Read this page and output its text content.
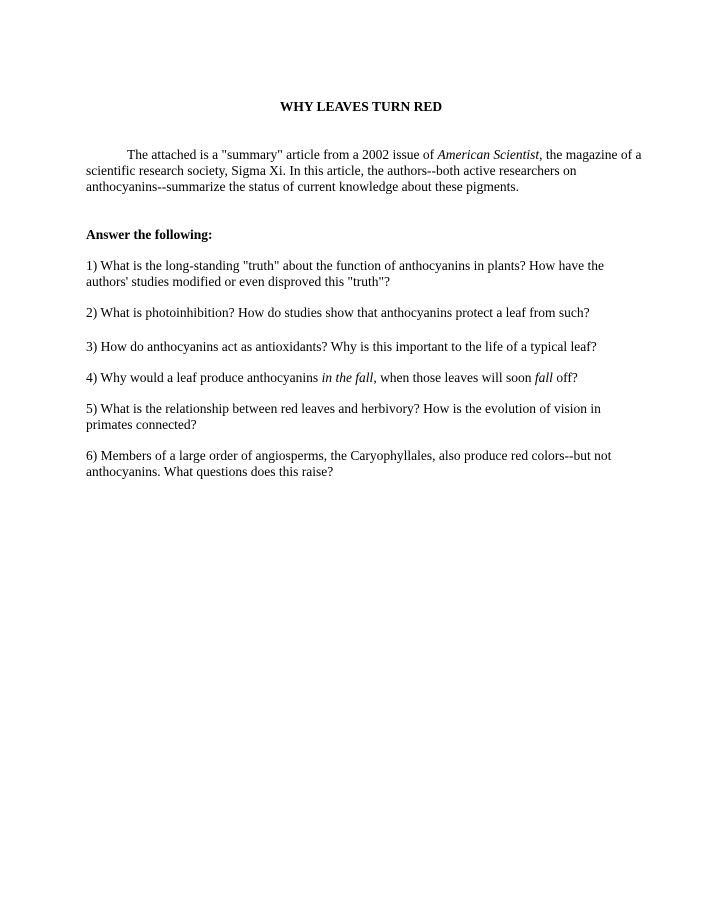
WHY LEAVES TURN RED
The attached is a "summary" article from a 2002 issue of American Scientist, the magazine of a scientific research society, Sigma Xi. In this article, the authors--both active researchers on anthocyanins--summarize the status of current knowledge about these pigments.
Answer the following:
1) What is the long-standing "truth" about the function of anthocyanins in plants? How have the authors' studies modified or even disproved this "truth"?
2) What is photoinhibition? How do studies show that anthocyanins protect a leaf from such?
3) How do anthocyanins act as antioxidants? Why is this important to the life of a typical leaf?
4) Why would a leaf produce anthocyanins in the fall, when those leaves will soon fall off?
5) What is the relationship between red leaves and herbivory? How is the evolution of vision in primates connected?
6) Members of a large order of angiosperms, the Caryophyllales, also produce red colors--but not anthocyanins. What questions does this raise?
